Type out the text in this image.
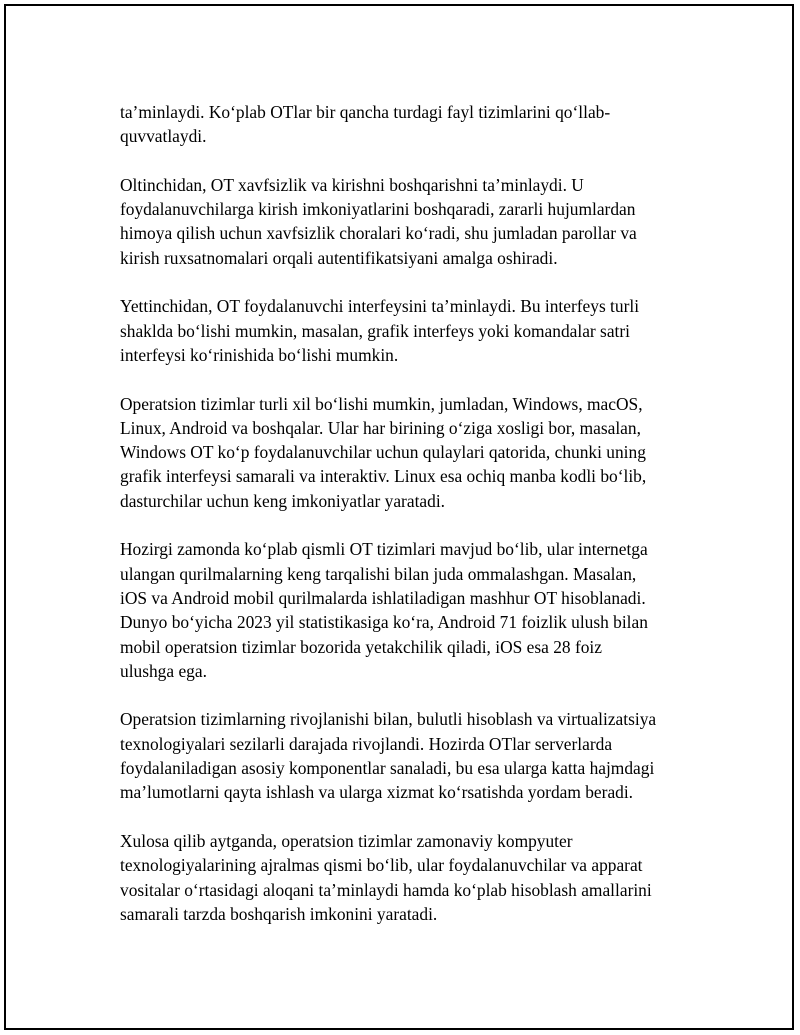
ta’minlaydi. Ko‘plab OTlar bir qancha turdagi fayl tizimlarini qo‘llab-
quvvatlaydi.

Oltinchidan, OT xavfsizlik va kirishni boshqarishni ta’minlaydi. U
foydalanuvchilarga kirish imkoniyatlarini boshqaradi, zararli hujumlardan
himoya qilish uchun xavfsizlik choralari ko‘radi, shu jumladan parollar va
kirish ruxsatnomalari orqali autentifikatsiyani amalga oshiradi.

Yettinchidan, OT foydalanuvchi interfeysini ta’minlaydi. Bu interfeys turli
shaklda bo‘lishi mumkin, masalan, grafik interfeys yoki komandalar satri
interfeysi ko‘rinishida bo‘lishi mumkin.

Operatsion tizimlar turli xil bo‘lishi mumkin, jumladan, Windows, macOS,
Linux, Android va boshqalar. Ular har birining o‘ziga xosligi bor, masalan,
Windows OT ko‘p foydalanuvchilar uchun qulaylari qatorida, chunki uning
grafik interfeysi samarali va interaktiv. Linux esa ochiq manba kodli bo‘lib,
dasturchilar uchun keng imkoniyatlar yaratadi.

Hozirgi zamonda ko‘plab qismli OT tizimlari mavjud bo‘lib, ular internetga
ulangan qurilmalarning keng tarqalishi bilan juda ommalashgan. Masalan,
iOS va Android mobil qurilmalarda ishlatiladigan mashhur OT hisoblanadi.
Dunyo bo‘yicha 2023 yil statistikasiga ko‘ra, Android 71 foizlik ulush bilan
mobil operatsion tizimlar bozorida yetakchilik qiladi, iOS esa 28 foiz
ulushga ega.

Operatsion tizimlarning rivojlanishi bilan, bulutli hisoblash va virtualizatsiya
texnologiyalari sezilarli darajada rivojlandi. Hozirda OTlar serverlarda
foydalaniladigan asosiy komponentlar sanaladi, bu esa ularga katta hajmdagi
ma’lumotlarni qayta ishlash va ularga xizmat ko‘rsatishda yordam beradi.

Xulosa qilib aytganda, operatsion tizimlar zamonaviy kompyuter
texnologiyalarining ajralmas qismi bo‘lib, ular foydalanuvchilar va apparat
vositalar o‘rtasidagi aloqani ta’minlaydi hamda ko‘plab hisoblash amallarini
samarali tarzda boshqarish imkonini yaratadi.
